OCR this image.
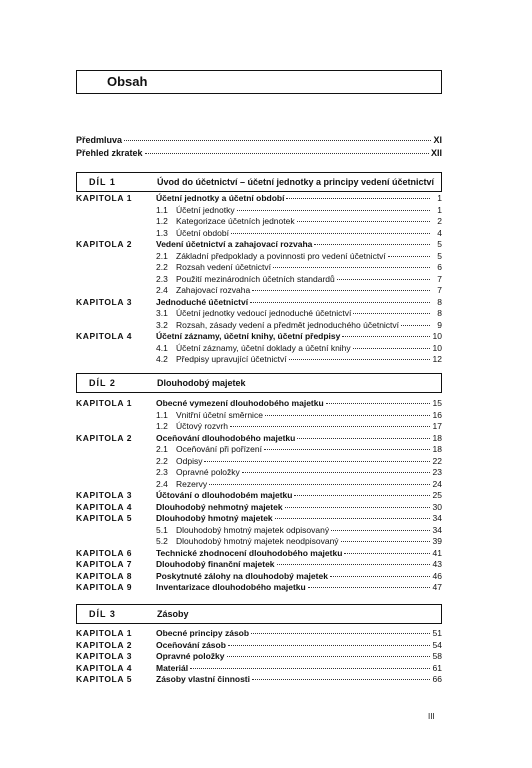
Obsah
Předmluva	XI
Přehled zkratek	XII
DÍL 1	Úvod do účetnictví – účetní jednotky a principy vedení účetnictví
KAPITOLA 1	Účetní jednotky a účetní období	1
1.1 Účetní jednotky	1
1.2 Kategorizace účetních jednotek	2
1.3 Účetní období	4
KAPITOLA 2	Vedení účetnictví a zahajovací rozvaha	5
2.1 Základní předpoklady a povinnosti pro vedení účetnictví	5
2.2 Rozsah vedení účetnictví	6
2.3 Použití mezinárodních účetních standardů	7
2.4 Zahajovací rozvaha	7
KAPITOLA 3	Jednoduché účetnictví	8
3.1 Účetní jednotky vedoucí jednoduché účetnictví	8
3.2 Rozsah, zásady vedení a předmět jednoduchého účetnictví	9
KAPITOLA 4	Účetní záznamy, účetní knihy, účetní předpisy	10
4.1 Účetní záznamy, účetní doklady a účetní knihy	10
4.2 Předpisy upravující účetnictví	12
DÍL 2	Dlouhodobý majetek
KAPITOLA 1	Obecné vymezení dlouhodobého majetku	15
1.1 Vnitřní účetní směrnice	16
1.2 Účtový rozvrh	17
KAPITOLA 2	Oceňování dlouhodobého majetku	18
2.1 Oceňování při pořízení	18
2.2 Odpisy	22
2.3 Opravné položky	23
2.4 Rezervy	24
KAPITOLA 3	Účtování o dlouhodobém majetku	25
KAPITOLA 4	Dlouhodobý nehmotný majetek	30
KAPITOLA 5	Dlouhodobý hmotný majetek	34
5.1 Dlouhodobý hmotný majetek odpisovaný	34
5.2 Dlouhodobý hmotný majetek neodpisovaný	39
KAPITOLA 6	Technické zhodnocení dlouhodobého majetku	41
KAPITOLA 7	Dlouhodobý finanční majetek	43
KAPITOLA 8	Poskytnuté zálohy na dlouhodobý majetek	46
KAPITOLA 9	Inventarizace dlouhodobého majetku	47
DÍL 3	Zásoby
KAPITOLA 1	Obecné principy zásob	51
KAPITOLA 2	Oceňování zásob	54
KAPITOLA 3	Opravné položky	58
KAPITOLA 4	Materiál	61
KAPITOLA 5	Zásoby vlastní činnosti	66
III
